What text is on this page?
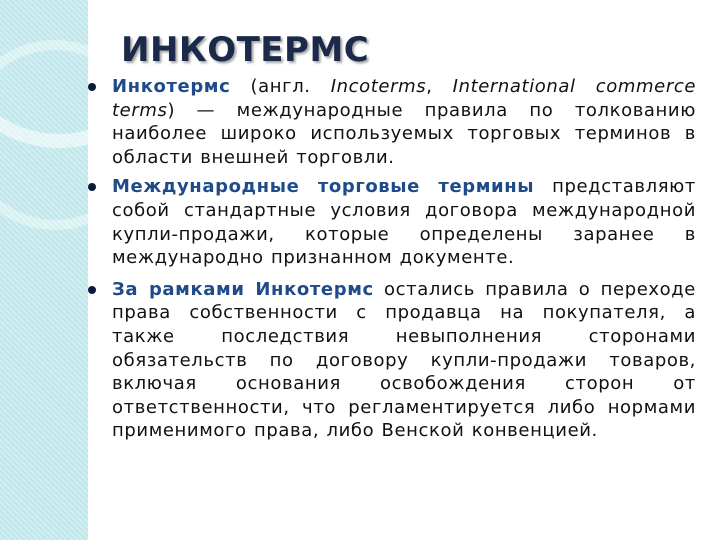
ИНКОТЕРМС

Инкотермс (англ. Incoterms, International commerce terms) — международные правила по толкованию наиболее широко используемых торговых терминов в области внешней торговли.

Международные торговые термины представляют собой стандартные условия договора международной купли-продажи, которые определены заранее в международно признанном документе.

За рамками Инкотермс остались правила о переходе права собственности с продавца на покупателя, а также последствия невыполнения сторонами обязательств по договору купли-продажи товаров, включая основания освобождения сторон от ответственности, что регламентируется либо нормами применимого права, либо Венской конвенцией.
